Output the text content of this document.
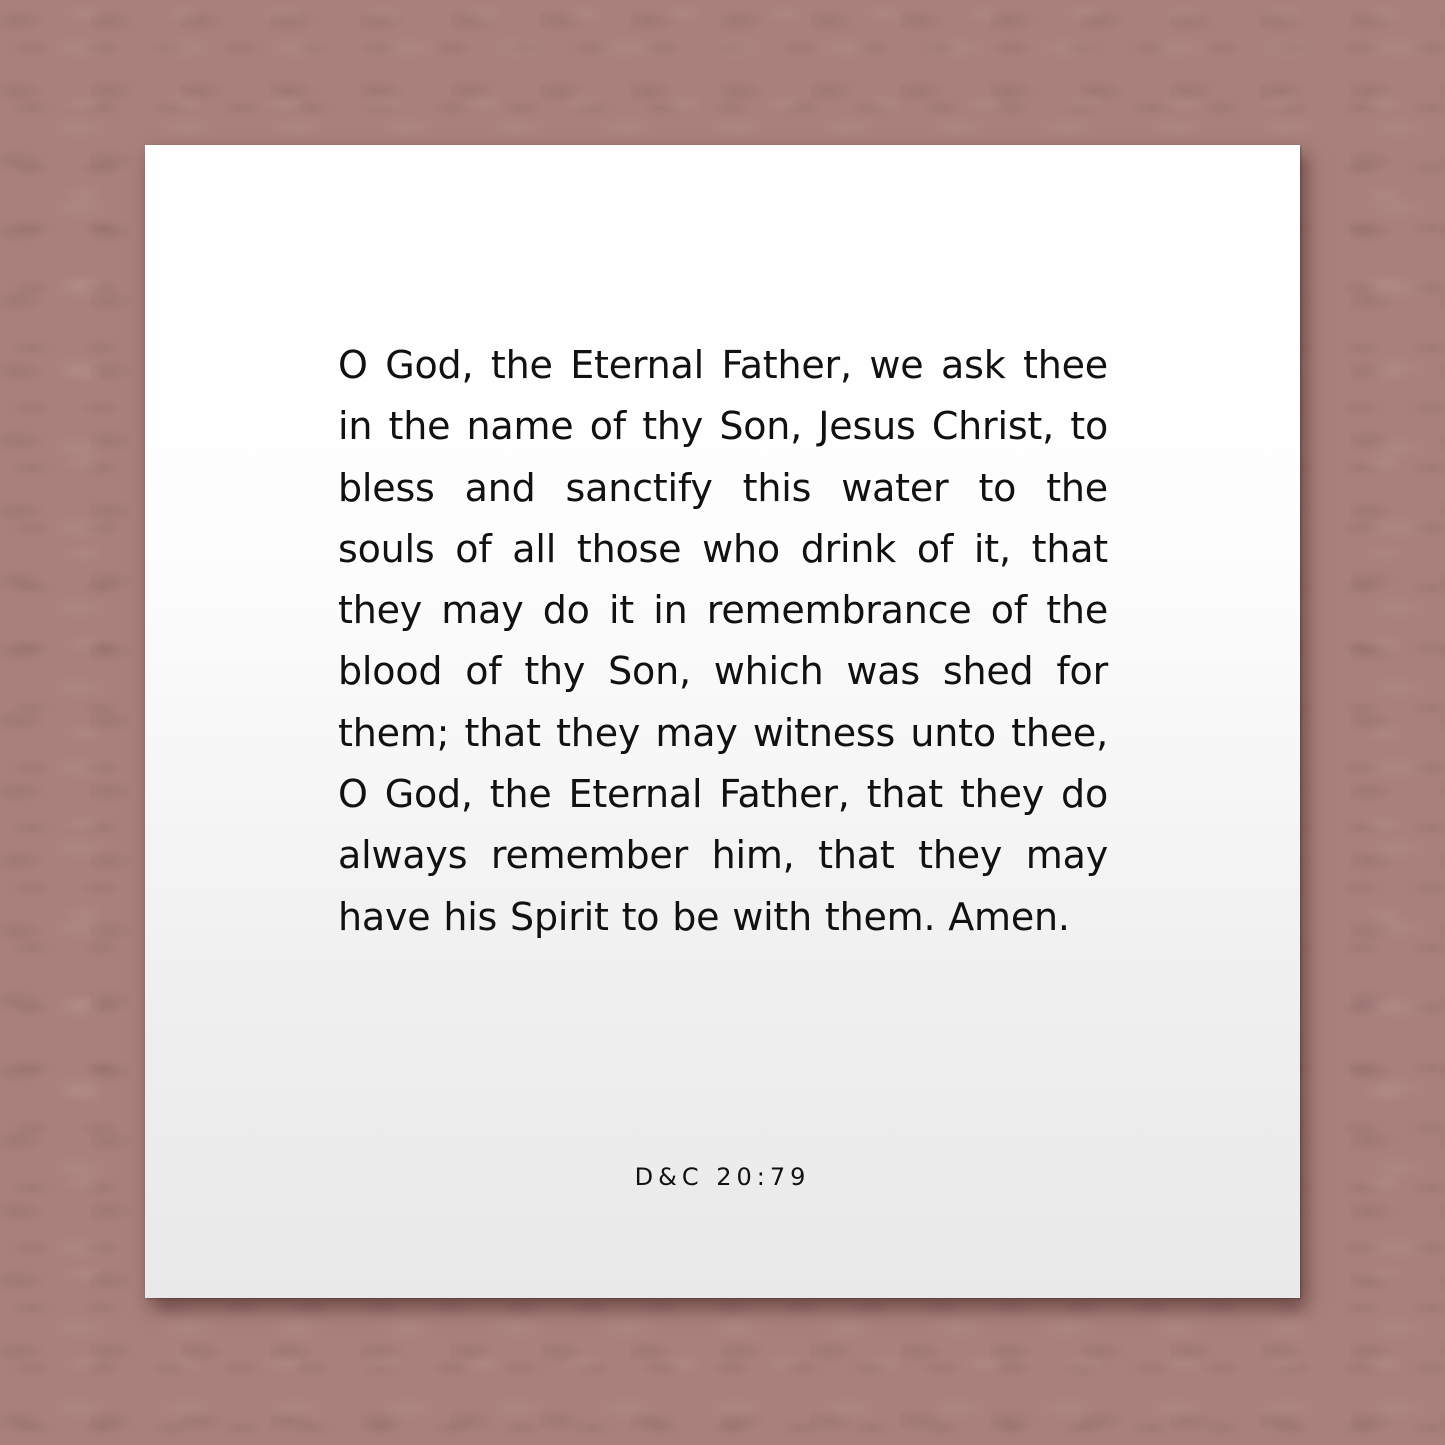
O God, the Eternal Father, we ask thee in the name of thy Son, Jesus Christ, to bless and sanctify this water to the souls of all those who drink of it, that they may do it in remembrance of the blood of thy Son, which was shed for them; that they may witness unto thee, O God, the Eternal Father, that they do always remember him, that they may have his Spirit to be with them. Amen.
D&C 20:79
